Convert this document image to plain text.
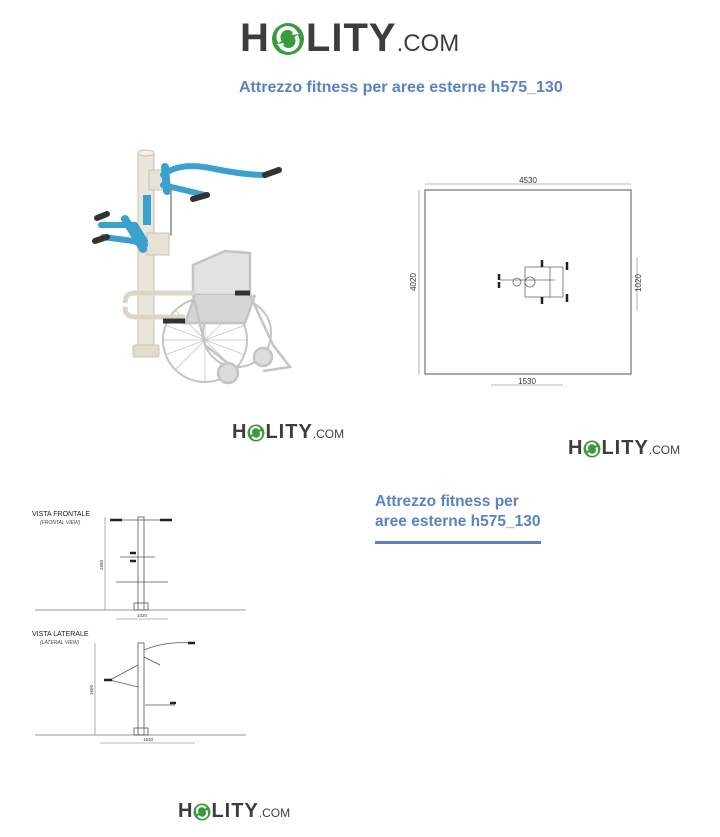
H LITY .COM
Attrezzo fitness per aree esterne h575_130
H LITY .COM
4530
4020	1020
1530
H LITY .COM
VISTA FRONTALE
(FRONTAL VIEW)
1650
1020
VISTA LATERALE
(LATERAL VIEW)
1650
1530
Attrezzo fitness per
aree esterne h575_130
H LITY .COM
